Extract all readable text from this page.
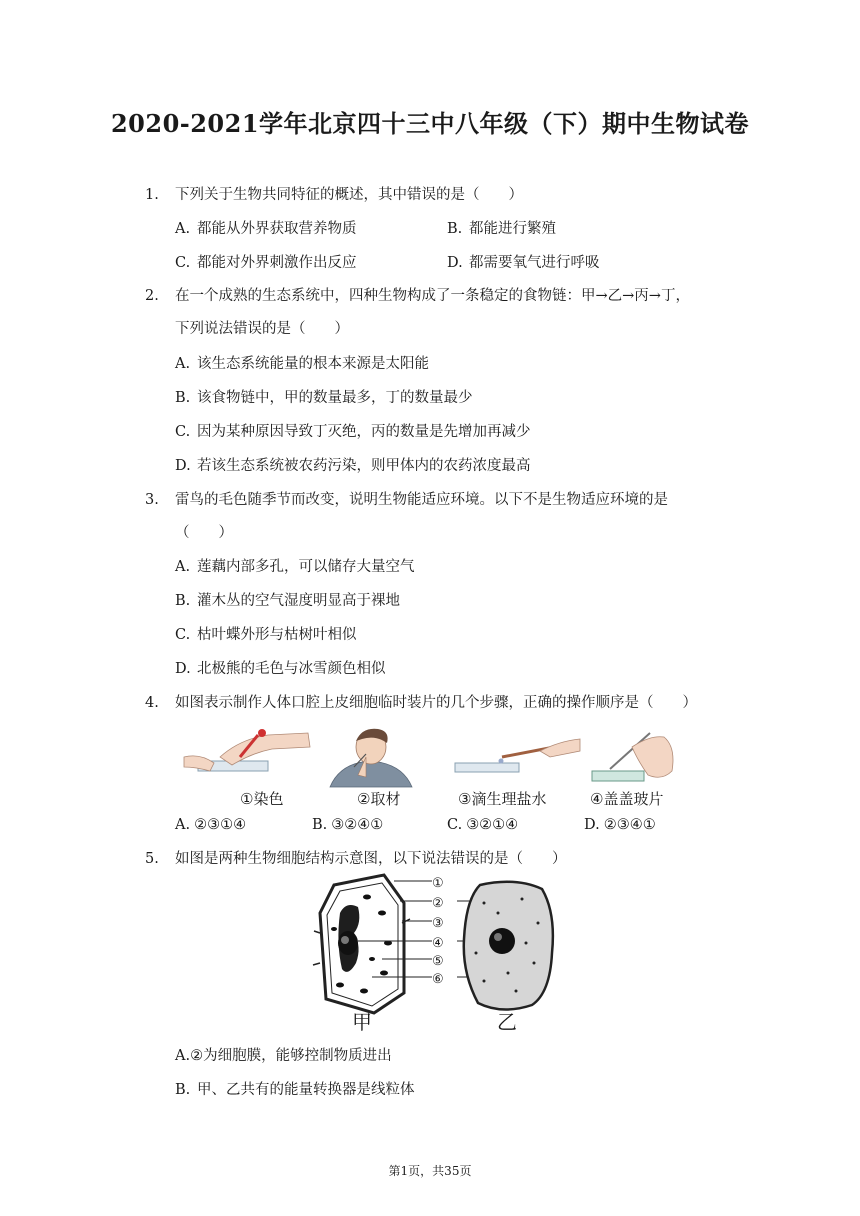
2020-2021学年北京四十三中八年级（下）期中生物试卷
1. 下列关于生物共同特征的概述，其中错误的是（　　）
A. 都能从外界获取营养物质	B. 都能进行繁殖
C. 都能对外界刺激作出反应	D. 都需要氧气进行呼吸
2. 在一个成熟的生态系统中，四种生物构成了一条稳定的食物链：甲→乙→丙→丁，
下列说法错误的是（　　）
A. 该生态系统能量的根本来源是太阳能
B. 该食物链中，甲的数量最多，丁的数量最少
C. 因为某种原因导致丁灭绝，丙的数量是先增加再减少
D. 若该生态系统被农药污染，则甲体内的农药浓度最高
3. 雷鸟的毛色随季节而改变，说明生物能适应环境。以下不是生物适应环境的是
（　　）
A. 莲藕内部多孔，可以储存大量空气
B. 灌木丛的空气湿度明显高于裸地
C. 枯叶蝶外形与枯树叶相似
D. 北极熊的毛色与冰雪颜色相似
4. 如图表示制作人体口腔上皮细胞临时装片的几个步骤，正确的操作顺序是（　　）
①染色	②取材	③滴生理盐水	④盖盖玻片
A. ②③①④	B. ③②④①	C. ③②①④	D. ②③④①
5. 如图是两种生物细胞结构示意图，以下说法错误的是（　　）
①
②
③
④
⑤
⑥
甲	乙
A.②为细胞膜，能够控制物质进出
B. 甲、乙共有的能量转换器是线粒体
第1页，共35页
